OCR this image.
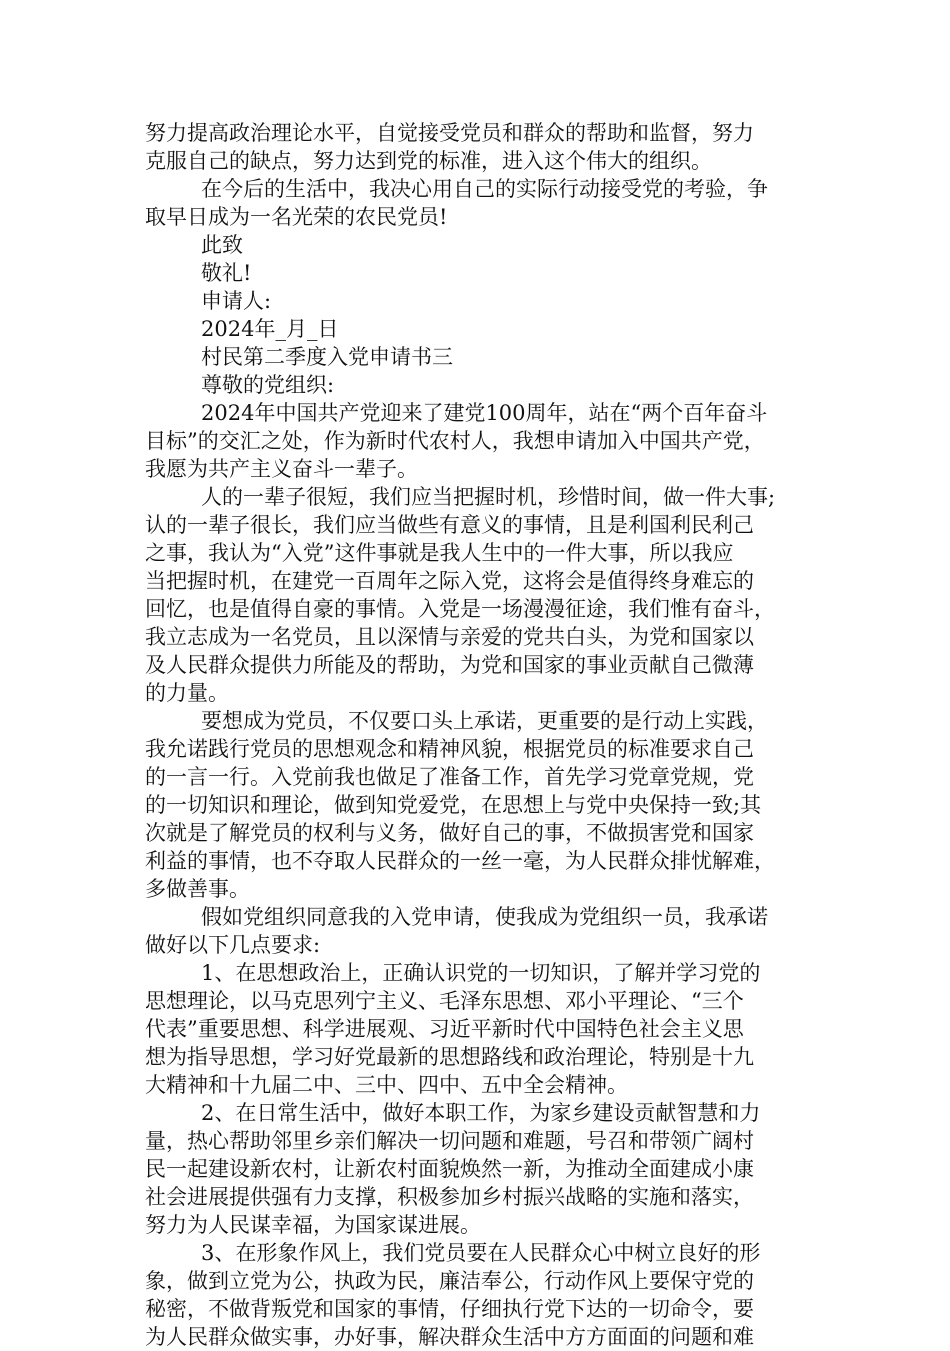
努力提高政治理论水平，自觉接受党员和群众的帮助和监督，努力
克服自己的缺点，努力达到党的标准，进入这个伟大的组织。
在今后的生活中，我决心用自己的实际行动接受党的考验，争
取早日成为一名光荣的农民党员!
此致
敬礼!
申请人:
2024年_月_日
村民第二季度入党申请书三
尊敬的党组织:
2024年中国共产党迎来了建党100周年，站在“两个百年奋斗
目标”的交汇之处，作为新时代农村人，我想申请加入中国共产党，
我愿为共产主义奋斗一辈子。
人的一辈子很短，我们应当把握时机，珍惜时间，做一件大事;
认的一辈子很长，我们应当做些有意义的事情，且是利国利民利己
之事，我认为“入党”这件事就是我人生中的一件大事，所以我应
当把握时机，在建党一百周年之际入党，这将会是值得终身难忘的
回忆，也是值得自豪的事情。入党是一场漫漫征途，我们惟有奋斗，
我立志成为一名党员，且以深情与亲爱的党共白头，为党和国家以
及人民群众提供力所能及的帮助，为党和国家的事业贡献自己微薄
的力量。
要想成为党员，不仅要口头上承诺，更重要的是行动上实践，
我允诺践行党员的思想观念和精神风貌，根据党员的标准要求自己
的一言一行。入党前我也做足了准备工作，首先学习党章党规，党
的一切知识和理论，做到知党爱党，在思想上与党中央保持一致;其
次就是了解党员的权利与义务，做好自己的事，不做损害党和国家
利益的事情，也不夺取人民群众的一丝一毫，为人民群众排忧解难，
多做善事。
假如党组织同意我的入党申请，使我成为党组织一员，我承诺
做好以下几点要求:
1、在思想政治上，正确认识党的一切知识，了解并学习党的
思想理论，以马克思列宁主义、毛泽东思想、邓小平理论、“三个
代表”重要思想、科学进展观、习近平新时代中国特色社会主义思
想为指导思想，学习好党最新的思想路线和政治理论，特别是十九
大精神和十九届二中、三中、四中、五中全会精神。
2、在日常生活中，做好本职工作，为家乡建设贡献智慧和力
量，热心帮助邻里乡亲们解决一切问题和难题，号召和带领广阔村
民一起建设新农村，让新农村面貌焕然一新，为推动全面建成小康
社会进展提供强有力支撑，积极参加乡村振兴战略的实施和落实，
努力为人民谋幸福，为国家谋进展。
3、在形象作风上，我们党员要在人民群众心中树立良好的形
象，做到立党为公，执政为民，廉洁奉公，行动作风上要保守党的
秘密，不做背叛党和国家的事情，仔细执行党下达的一切命令，要
为人民群众做实事，办好事，解决群众生活中方方面面的问题和难
